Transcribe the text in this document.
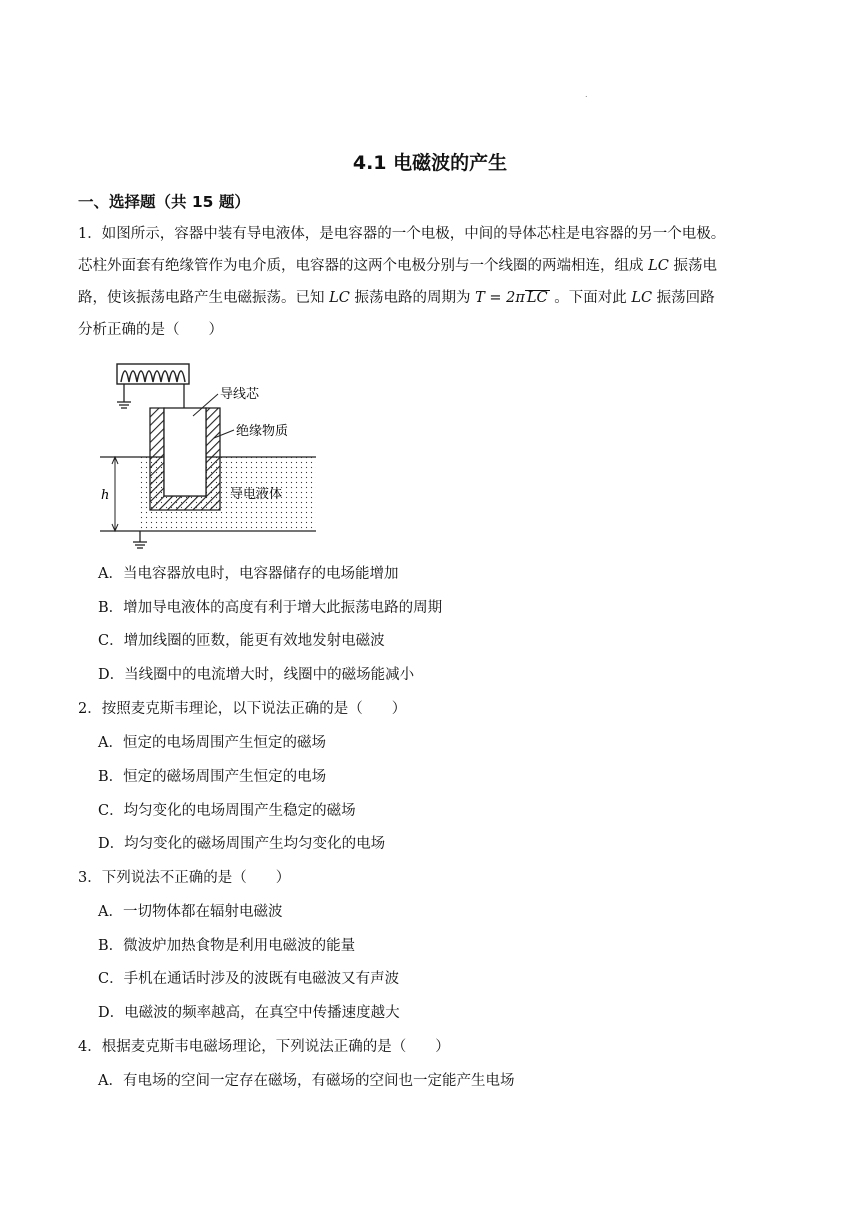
.
4.1 电磁波的产生
一、选择题（共 15 题）
1．如图所示，容器中装有导电液体，是电容器的一个电极，中间的导体芯柱是电容器的另一个电极。
芯柱外面套有绝缘管作为电介质，电容器的这两个电极分别与一个线圈的两端相连，组成 LC 振荡电
路，使该振荡电路产生电磁振荡。已知 LC 振荡电路的周期为 T = 2π LC 。下面对此 LC 振荡回路
分析正确的是（　　）
导线芯
绝缘物质
导电液体
h
A．当电容器放电时，电容器储存的电场能增加
B．增加导电液体的高度有利于增大此振荡电路的周期
C．增加线圈的匝数，能更有效地发射电磁波
D．当线圈中的电流增大时，线圈中的磁场能减小
2．按照麦克斯韦理论，以下说法正确的是（　　）
A．恒定的电场周围产生恒定的磁场
B．恒定的磁场周围产生恒定的电场
C．均匀变化的电场周围产生稳定的磁场
D．均匀变化的磁场周围产生均匀变化的电场
3．下列说法不正确的是（　　）
A．一切物体都在辐射电磁波
B．微波炉加热食物是利用电磁波的能量
C．手机在通话时涉及的波既有电磁波又有声波
D．电磁波的频率越高，在真空中传播速度越大
4．根据麦克斯韦电磁场理论，下列说法正确的是（　　）
A．有电场的空间一定存在磁场，有磁场的空间也一定能产生电场
